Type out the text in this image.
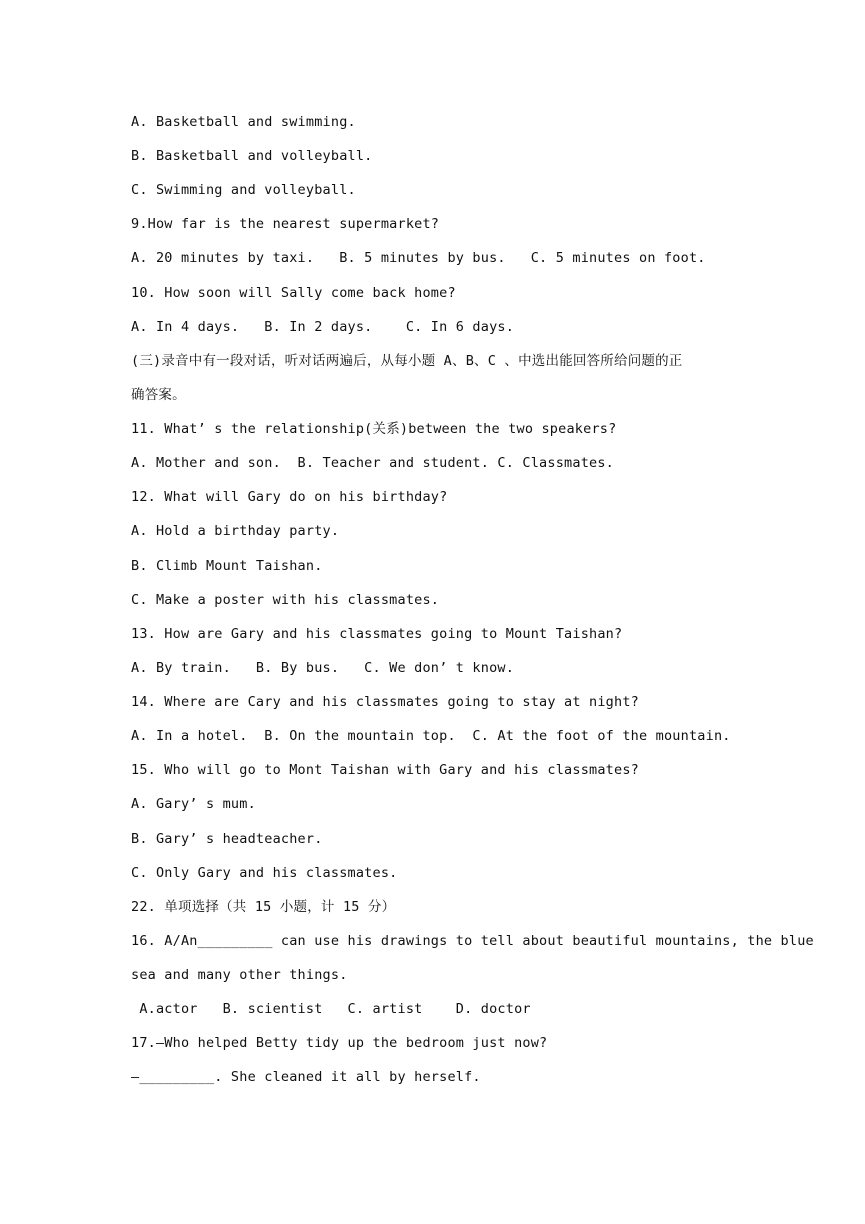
A. Basketball and swimming.
B. Basketball and volleyball.
C. Swimming and volleyball.
9.How far is the nearest supermarket?
A. 20 minutes by taxi.   B. 5 minutes by bus.   C. 5 minutes on foot.
10. How soon will Sally come back home?
A. In 4 days.   B. In 2 days.    C. In 6 days.
(三)录音中有一段对话，听对话两遍后，从每小题 A、B、C 、中选出能回答所给问题的正
确答案。
11. What’ s the relationship(关系)between the two speakers?
A. Mother and son.  B. Teacher and student. C. Classmates.
12. What will Gary do on his birthday?
A. Hold a birthday party.
B. Climb Mount Taishan.
C. Make a poster with his classmates.
13. How are Gary and his classmates going to Mount Taishan?
A. By train.   B. By bus.   C. We don’ t know.
14. Where are Cary and his classmates going to stay at night?
A. In a hotel.  B. On the mountain top.  C. At the foot of the mountain.
15. Who will go to Mont Taishan with Gary and his classmates?
A. Gary’ s mum.
B. Gary’ s headteacher.
C. Only Gary and his classmates.
22. 单项选择（共 15 小题，计 15 分）
16. A/An_________ can use his drawings to tell about beautiful mountains, the blue
sea and many other things.
A.actor   B. scientist   C. artist    D. doctor
17.—Who helped Betty tidy up the bedroom just now?
—_________. She cleaned it all by herself.
